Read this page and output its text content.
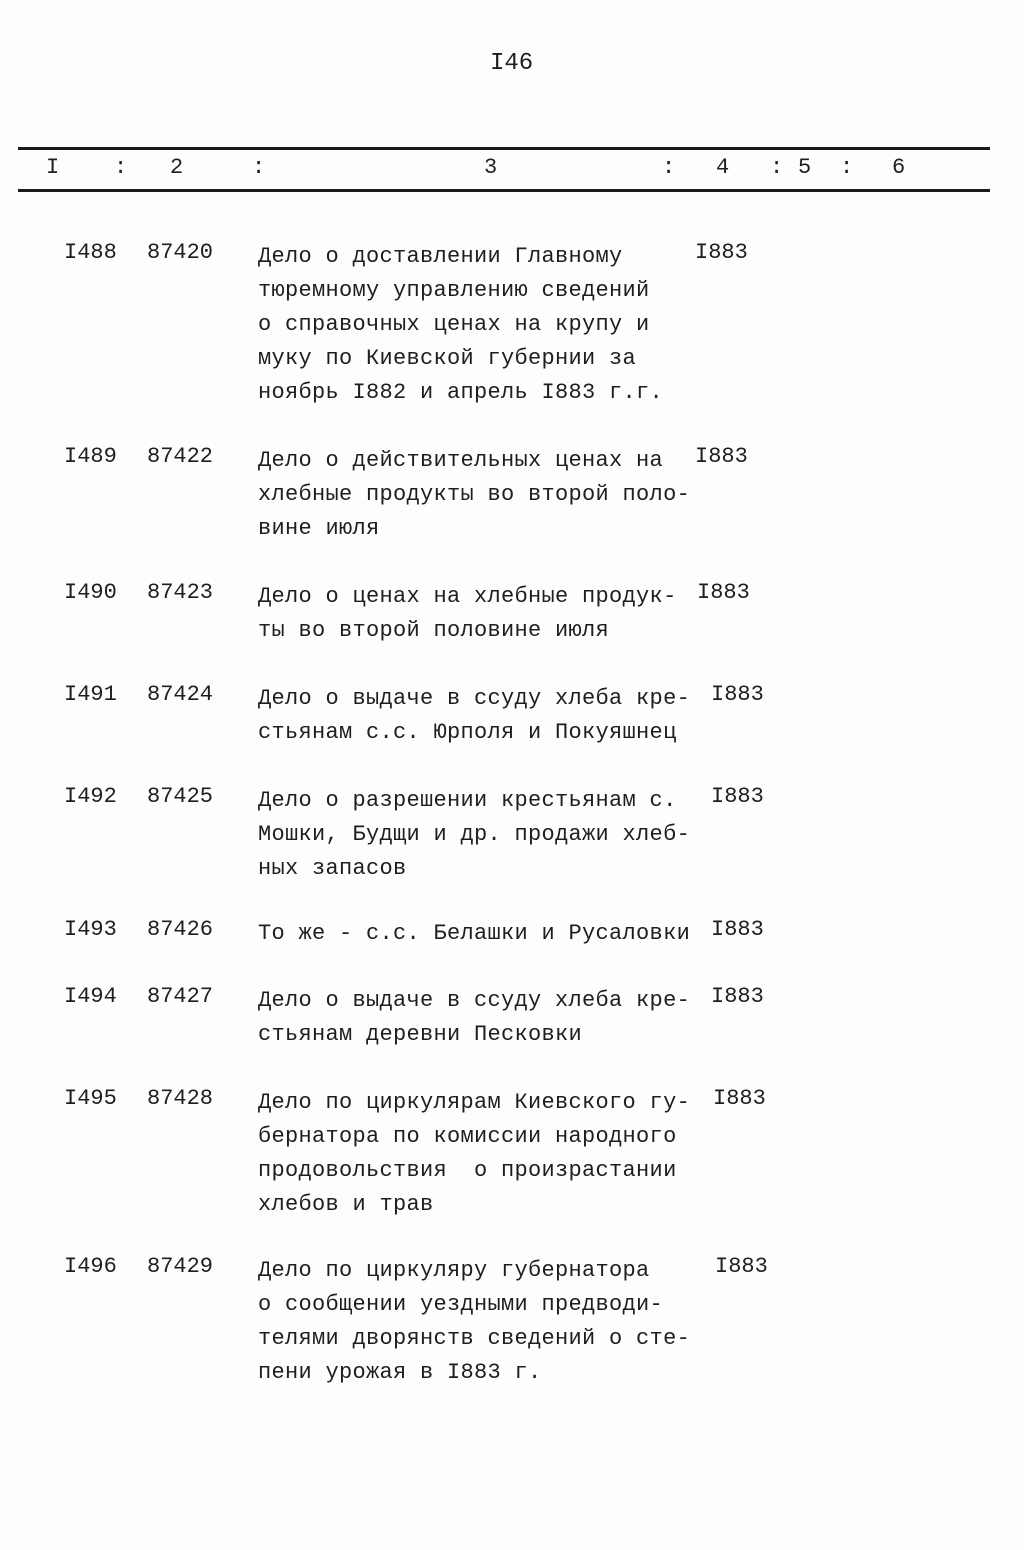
I46
I : 2	:	3	: 4 : 5 : 6
I488 87420 Дело о доставлении Главному
тюремному управлению сведений
о справочных ценах на крупу и
муку по Киевской губернии за
ноябрь I882 и апрель I883 г.г.
I883
I489 87422 Дело о действительных ценах на
хлебные продукты во второй поло-
вине июля
I883
I490 87423 Дело о ценах на хлебные продук-
ты во второй половине июля
I883
I491 87424 Дело о выдаче в ссуду хлеба кре-
стьянам с.с. Юрполя и Покуяшнец
I883
I492 87425 Дело о разрешении крестьянам с.
Мошки, Будщи и др. продажи хлеб-
ных запасов
I883
I493 87426 То же - с.с. Белашки и Русаловки I883
I494 87427 Дело о выдаче в ссуду хлеба кре-
стьянам деревни Песковки
I883
I495 87428 Дело по циркулярам Киевского гу-
бернатора по комиссии народного
продовольствия  о произрастании
хлебов и трав
I883
I496 87429 Дело по циркуляру губернатора
о сообщении уездными предводи-
телями дворянств сведений о сте-
пени урожая в I883 г.
I883
